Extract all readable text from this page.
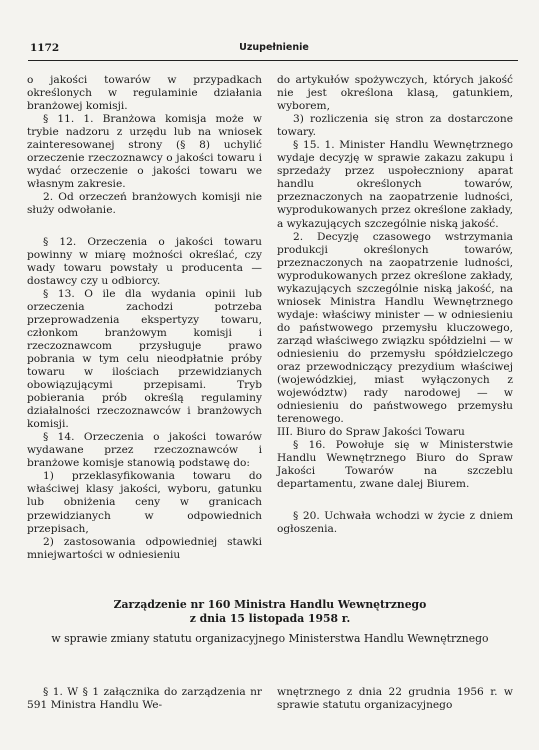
1172	Uzupełnienie

o jakości towarów w przypadkach określonych w regulaminie działania branżowej komisji.

§ 11. 1. Branżowa komisja może w trybie nadzoru z urzędu lub na wniosek zainteresowanej strony (§ 8) uchylić orzeczenie rzeczoznawcy o jakości towaru i wydać orzeczenie o jakości towaru we własnym zakresie.

2. Od orzeczeń branżowych komisji nie służy odwołanie.

§ 12. Orzeczenia o jakości towaru powinny w miarę możności określać, czy wady towaru powstały u producenta — dostawcy czy u odbiorcy.

§ 13. O ile dla wydania opinii lub orzeczenia zachodzi potrzeba przeprowadzenia ekspertyzy towaru, członkom branżowym komisji i rzeczoznawcom przysługuje prawo pobrania w tym celu nieodpłatnie próby towaru w ilościach przewidzianych obowiązującymi przepisami. Tryb pobierania prób określą regulaminy działalności rzeczoznawców i branżowych komisji.

§ 14. Orzeczenia o jakości towarów wydawane przez rzeczoznawców i branżowe komisje stanowią podstawę do:

1) przeklasyfikowania towaru do właściwej klasy jakości, wyboru, gatunku lub obniżenia ceny w granicach przewidzianych w odpowiednich przepisach,

2) zastosowania odpowiedniej stawki mniejwartości w odniesieniu

do artykułów spożywczych, których jakość nie jest określona klasą, gatunkiem, wyborem,

3) rozliczenia się stron za dostarczone towary.

§ 15. 1. Minister Handlu Wewnętrznego wydaje decyzję w sprawie zakazu zakupu i sprzedaży przez uspołeczniony aparat handlu określonych towarów, przeznaczonych na zaopatrzenie ludności, wyprodukowanych przez określone zakłady, a wykazujących szczególnie niską jakość.

2. Decyzję czasowego wstrzymania produkcji określonych towarów, przeznaczonych na zaopatrzenie ludności, wyprodukowanych przez określone zakłady, wykazujących szczególnie niską jakość, na wniosek Ministra Handlu Wewnętrznego wydaje: właściwy minister — w odniesieniu do państwowego przemysłu kluczowego, zarząd właściwego związku spółdzielni — w odniesieniu do przemysłu spółdzielczego oraz przewodniczący prezydium właściwej (wojewódzkiej, miast wyłączonych z województw) rady narodowej — w odniesieniu do państwowego przemysłu terenowego.

III. Biuro do Spraw Jakości Towaru

§ 16. Powołuje się w Ministerstwie Handlu Wewnętrznego Biuro do Spraw Jakości Towarów na szczeblu departamentu, zwane dalej Biurem.

§ 20. Uchwała wchodzi w życie z dniem ogłoszenia.

Zarządzenie nr 160 Ministra Handlu Wewnętrznego
z dnia 15 listopada 1958 r.
w sprawie zmiany statutu organizacyjnego Ministerstwa Handlu Wewnętrznego

§ 1. W § 1 załącznika do zarządzenia nr 591 Ministra Handlu We-

wnętrznego z dnia 22 grudnia 1956 r. w sprawie statutu organizacyjnego
